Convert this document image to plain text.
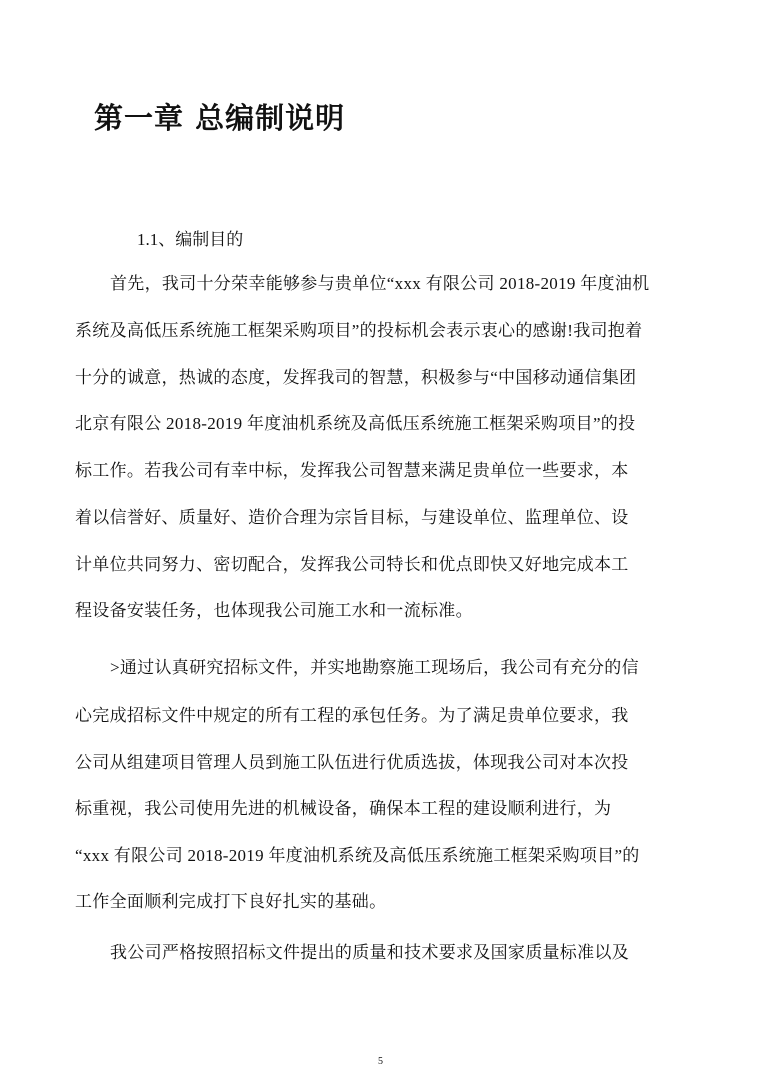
第一章 总编制说明
1.1、编制目的

首先，我司十分荣幸能够参与贵单位“xxx 有限公司 2018-2019 年度油机

系统及高低压系统施工框架采购项目”的投标机会表示衷心的感谢!我司抱着

十分的诚意，热诚的态度，发挥我司的智慧，积极参与“中国移动通信集团

北京有限公 2018-2019 年度油机系统及高低压系统施工框架采购项目”的投

标工作。若我公司有幸中标，发挥我公司智慧来满足贵单位一些要求，本

着以信誉好、质量好、造价合理为宗旨目标，与建设单位、监理单位、设

计单位共同努力、密切配合，发挥我公司特长和优点即快又好地完成本工

程设备安装任务，也体现我公司施工水和一流标准。

>通过认真研究招标文件，并实地勘察施工现场后，我公司有充分的信

心完成招标文件中规定的所有工程的承包任务。为了满足贵单位要求，我

公司从组建项目管理人员到施工队伍进行优质选拔，体现我公司对本次投

标重视，我公司使用先进的机械设备，确保本工程的建设顺利进行，为

“xxx 有限公司 2018-2019 年度油机系统及高低压系统施工框架采购项目”的

工作全面顺利完成打下良好扎实的基础。

我公司严格按照招标文件提出的质量和技术要求及国家质量标准以及

5
